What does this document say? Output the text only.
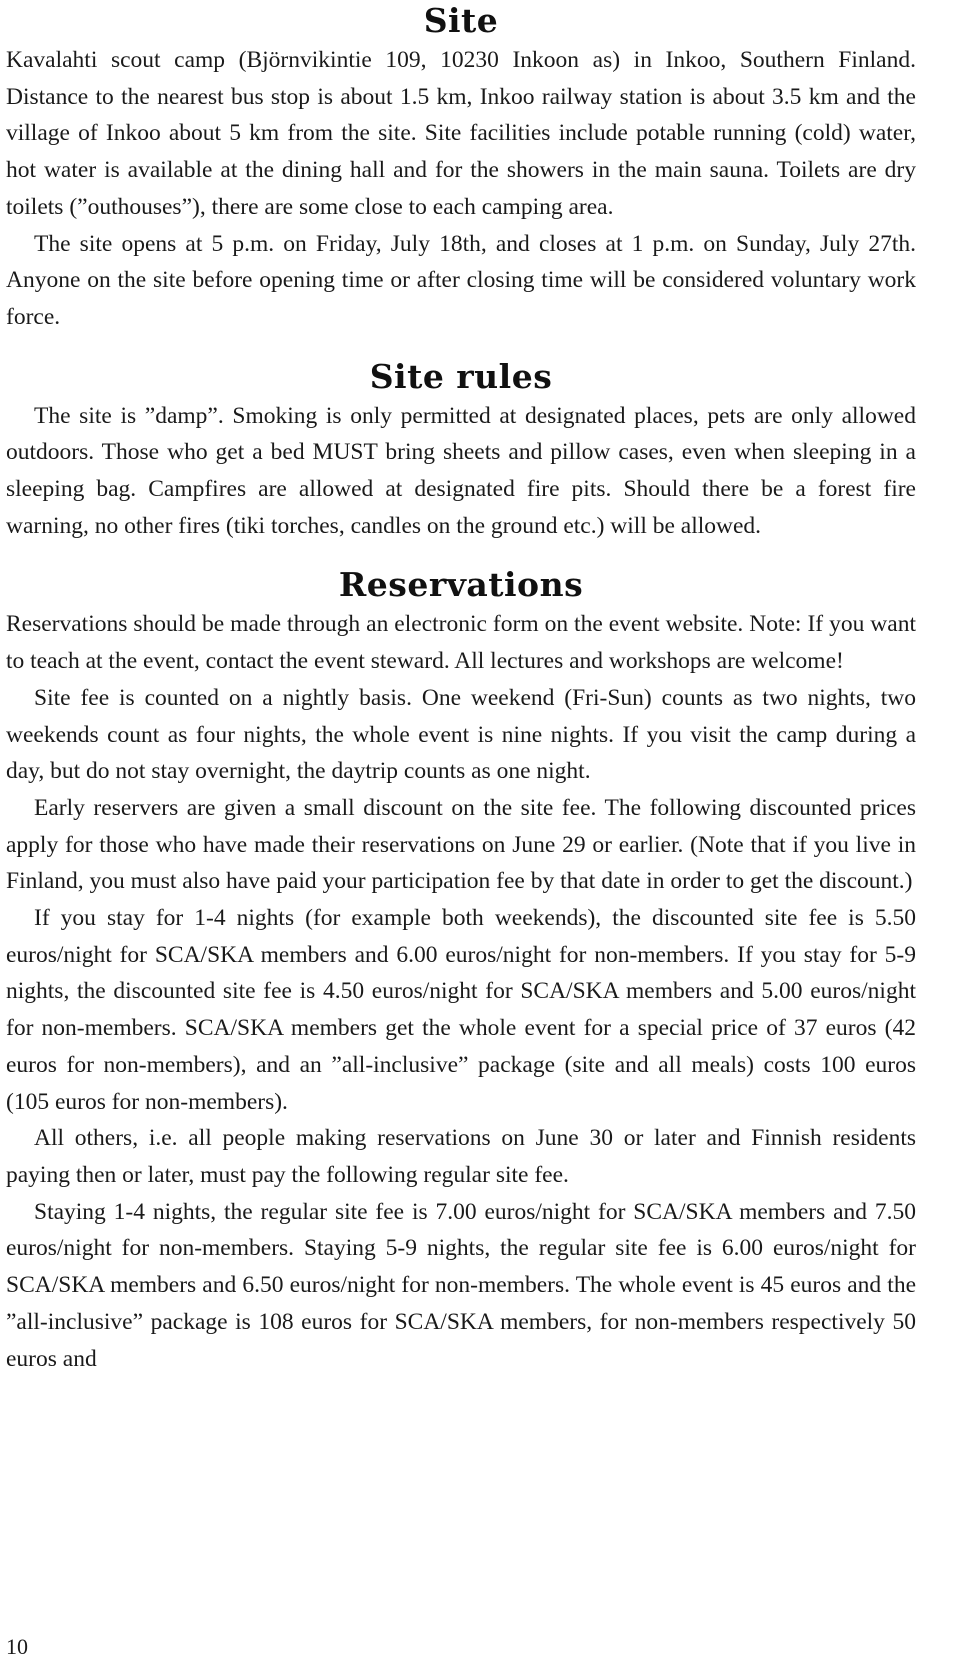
Site

Kavalahti scout camp (Björnvikintie 109, 10230 Inkoon as) in Inkoo, Southern Finland. Distance to the nearest bus stop is about 1.5 km, Inkoo railway station is about 3.5 km and the village of Inkoo about 5 km from the site. Site facilities include potable running (cold) water, hot water is available at the dining hall and for the showers in the main sauna. Toilets are dry toilets (”outhouses”), there are some close to each camping area.

The site opens at 5 p.m. on Friday, July 18th, and closes at 1 p.m. on Sunday, July 27th. Anyone on the site before opening time or after closing time will be considered voluntary work force.

Site rules

The site is ”damp”. Smoking is only permitted at designated places, pets are only allowed outdoors. Those who get a bed MUST bring sheets and pillow cases, even when sleeping in a sleeping bag. Campfires are allowed at designated fire pits. Should there be a forest fire warning, no other fires (tiki torches, candles on the ground etc.) will be allowed.

Reservations

Reservations should be made through an electronic form on the event website. Note: If you want to teach at the event, contact the event steward. All lectures and workshops are welcome!

Site fee is counted on a nightly basis. One weekend (Fri-Sun) counts as two nights, two weekends count as four nights, the whole event is nine nights. If you visit the camp during a day, but do not stay overnight, the daytrip counts as one night.

Early reservers are given a small discount on the site fee. The following discounted prices apply for those who have made their reservations on June 29 or earlier. (Note that if you live in Finland, you must also have paid your participation fee by that date in order to get the discount.)

If you stay for 1-4 nights (for example both weekends), the discounted site fee is 5.50 euros/night for SCA/SKA members and 6.00 euros/night for non-members. If you stay for 5-9 nights, the discounted site fee is 4.50 euros/night for SCA/SKA members and 5.00 euros/night for non-members. SCA/SKA members get the whole event for a special price of 37 euros (42 euros for non-members), and an ”all-inclusive” package (site and all meals) costs 100 euros (105 euros for non-members).

All others, i.e. all people making reservations on June 30 or later and Finnish residents paying then or later, must pay the following regular site fee.

Staying 1-4 nights, the regular site fee is 7.00 euros/night for SCA/SKA members and 7.50 euros/night for non-members. Staying 5-9 nights, the regular site fee is 6.00 euros/night for SCA/SKA members and 6.50 euros/night for non-members. The whole event is 45 euros and the ”all-inclusive” package is 108 euros for SCA/SKA members, for non-members respectively 50 euros and

10
